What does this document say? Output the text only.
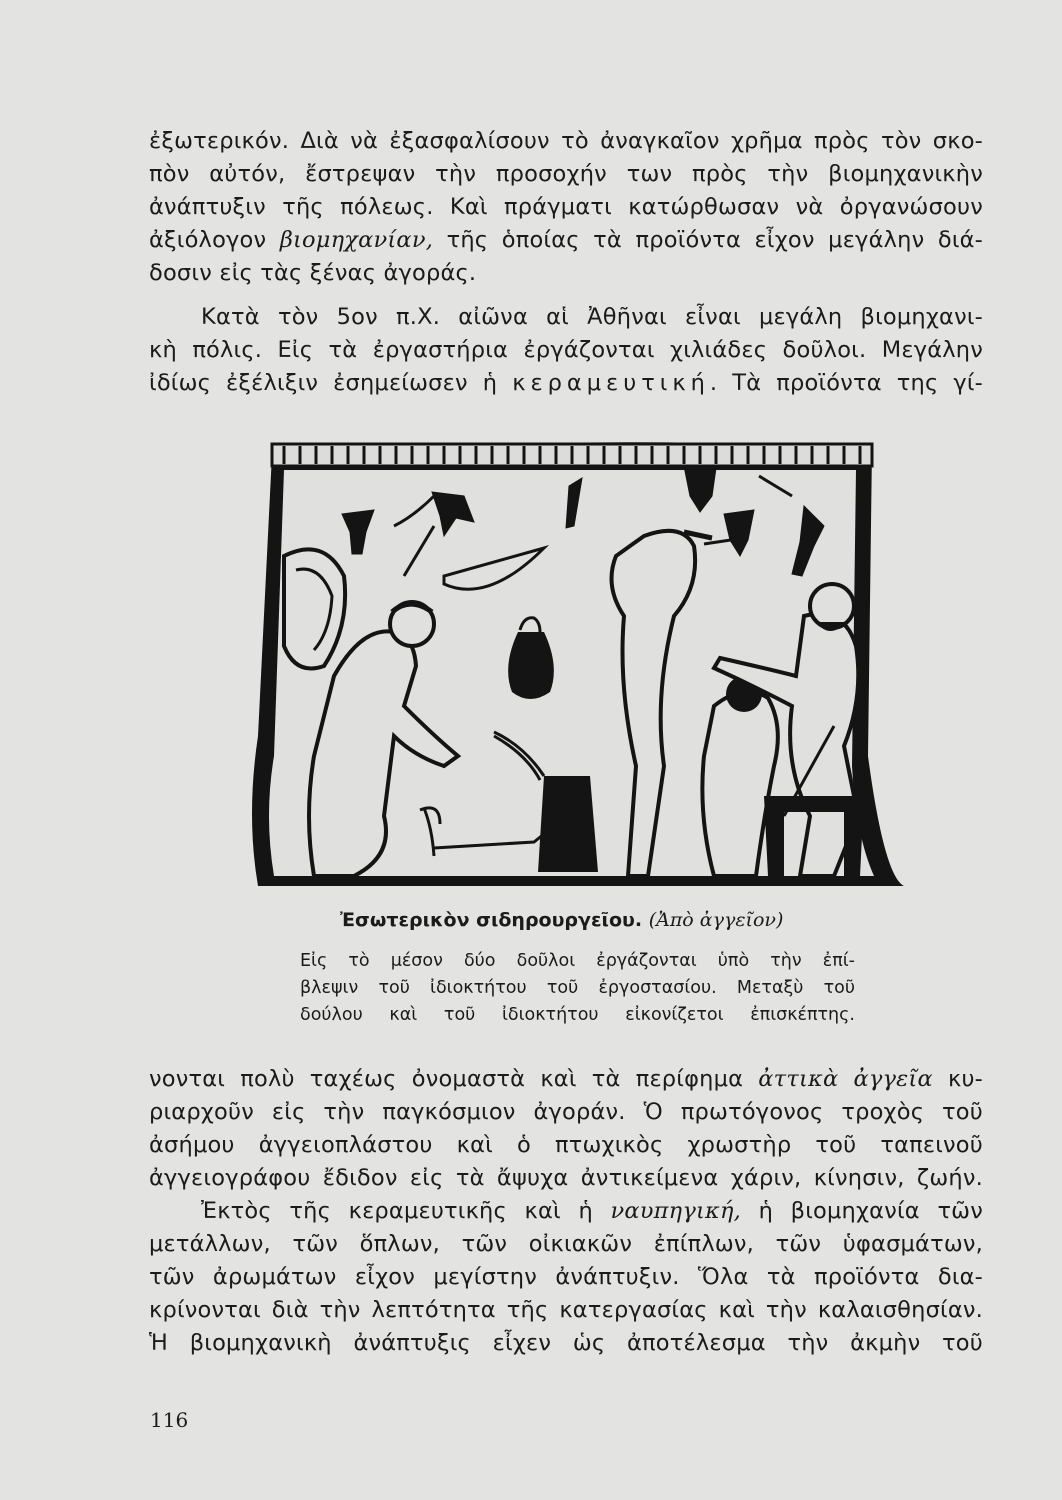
ἐξωτερικόν. Διὰ νὰ ἐξασφαλίσουν τὸ ἀναγκαῖον χρῆμα πρὸς τὸν σκο-
πὸν αὐτόν, ἔστρεψαν τὴν προσοχήν των πρὸς τὴν βιομηχανικὴν
ἀνάπτυξιν τῆς πόλεως. Καὶ πράγματι κατώρθωσαν νὰ ὀργανώσουν
ἀξιόλογον βιομηχανίαν, τῆς ὁποίας τὰ προϊόντα εἶχον μεγάλην διά-
δοσιν εἰς τὰς ξένας ἀγοράς.
Κατὰ τὸν 5ον π.Χ. αἰῶνα αἱ Ἀθῆναι εἶναι μεγάλη βιομηχανι-
κὴ πόλις. Εἰς τὰ ἐργαστήρια ἐργάζονται χιλιάδες δοῦλοι. Μεγάλην
ἰδίως ἐξέλιξιν ἐσημείωσεν ἡ κεραμευτική. Τὰ προϊόντα της γί-
Ἐσωτερικὸν σιδηρουργεῖου. (Ἀπὸ ἀγγεῖον)
Εἰς τὸ μέσον δύο δοῦλοι ἐργάζονται ὑπὸ τὴν ἐπί-
βλεψιν τοῦ ἰδιοκτήτου τοῦ ἐργοστασίου. Μεταξὺ τοῦ
δούλου καὶ τοῦ ἰδιοκτήτου εἰκονίζετοι ἐπισκέπτης.
νονται πολὺ ταχέως ὀνομαστὰ καὶ τὰ περίφημα ἀττικὰ ἀγγεῖα κυ-
ριαρχοῦν εἰς τὴν παγκόσμιον ἀγοράν. Ὁ πρωτόγονος τροχὸς τοῦ
ἀσήμου ἀγγειοπλάστου καὶ ὁ πτωχικὸς χρωστὴρ τοῦ ταπεινοῦ
ἀγγειογράφου ἔδιδον εἰς τὰ ἄψυχα ἀντικείμενα χάριν, κίνησιν, ζωήν.
Ἐκτὸς τῆς κεραμευτικῆς καὶ ἡ ναυπηγική, ἡ βιομηχανία τῶν
μετάλλων, τῶν ὅπλων, τῶν οἰκιακῶν ἐπίπλων, τῶν ὑφασμάτων,
τῶν ἀρωμάτων εἶχον μεγίστην ἀνάπτυξιν. Ὅλα τὰ προϊόντα δια-
κρίνονται διὰ τὴν λεπτότητα τῆς κατεργασίας καὶ τὴν καλαισθησίαν.
Ἡ βιομηχανικὴ ἀνάπτυξις εἶχεν ὡς ἀποτέλεσμα τὴν ἀκμὴν τοῦ
116
